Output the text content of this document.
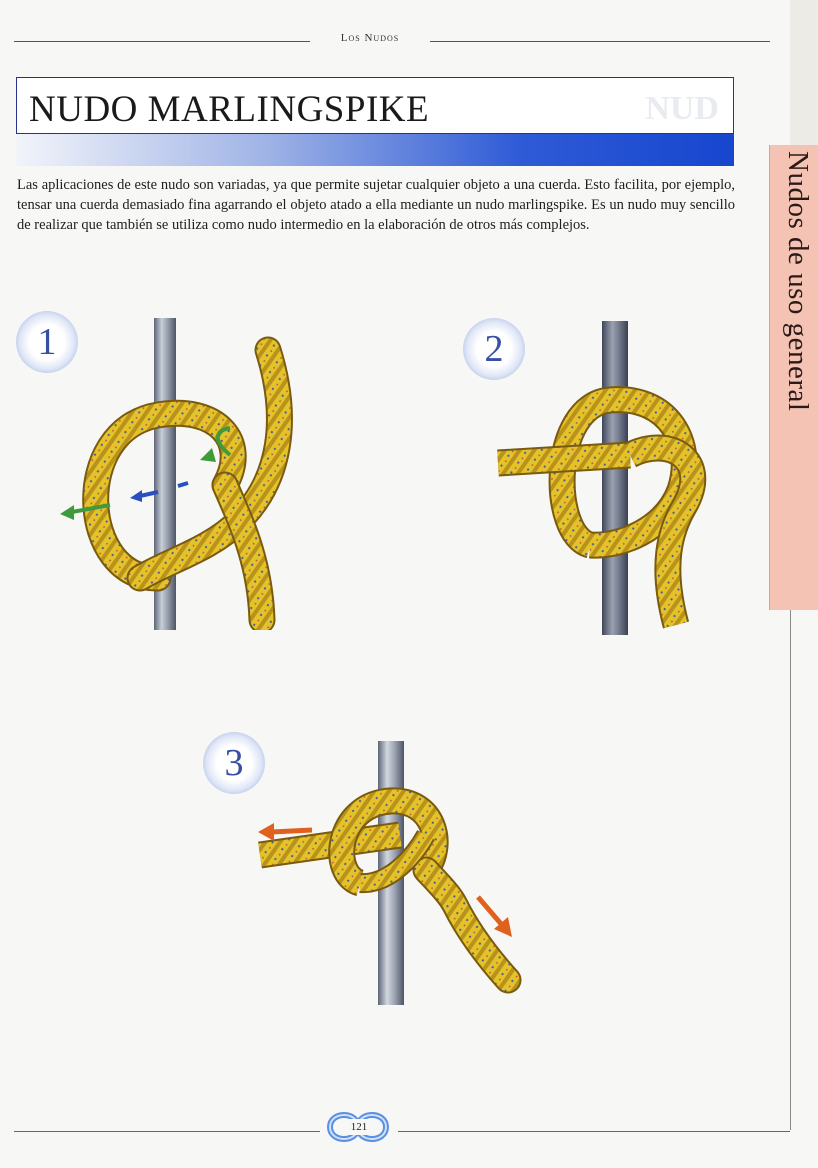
Los Nudos
NUD
NUDO MARLINGSPIKE

Las aplicaciones de este nudo son variadas, ya que permite sujetar cualquier objeto a una cuerda. Esto facilita, por ejemplo, tensar una cuerda demasiado fina agarrando el objeto atado a ella mediante un nudo marlingspike. Es un nudo muy sencillo de realizar que también se utiliza como nudo intermedio en la elaboración de otros más complejos.	Nudos de uso general
1	2
3
121
